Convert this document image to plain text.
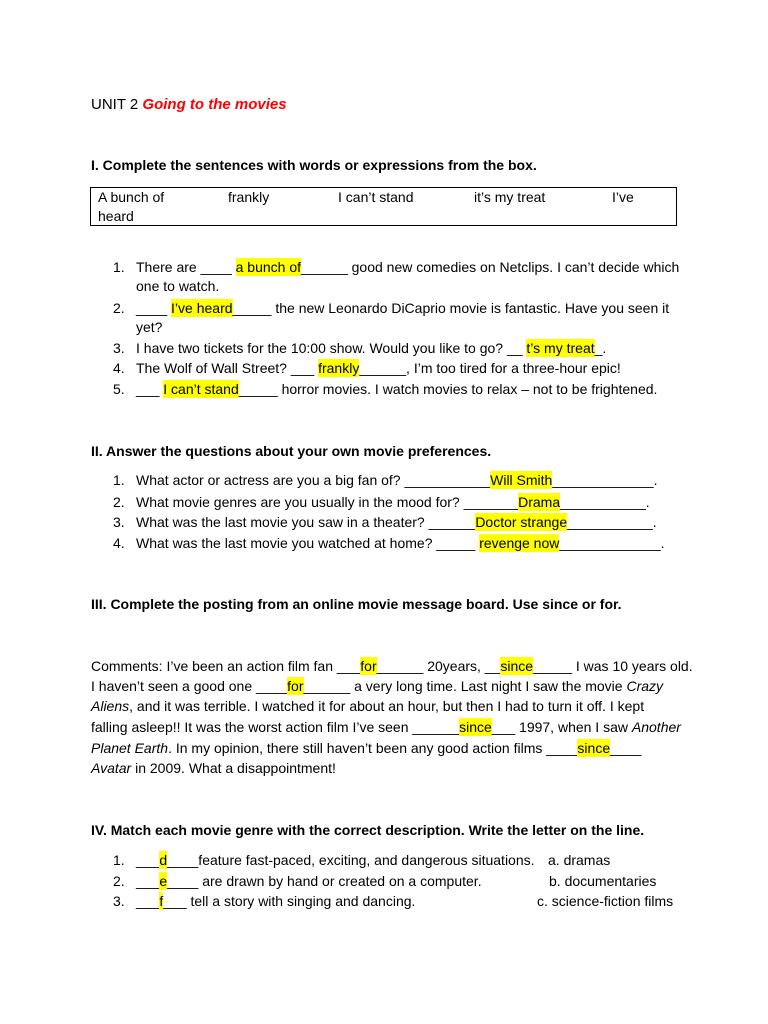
UNIT 2 Going to the movies
I. Complete the sentences with words or expressions from the box.
A bunch of	frankly	I can’t stand	it’s my treat	I’ve
heard
1. There are ____ a bunch of______ good new comedies on Netclips. I can’t decide which
one to watch.
2. ____ I’ve heard_____ the new Leonardo DiCaprio movie is fantastic. Have you seen it
yet?
3. I have two tickets for the 10:00 show. Would you like to go? __ t’s my treat_.
4. The Wolf of Wall Street? ___ frankly______, I’m too tired for a three-hour epic!
5. ___ I can’t stand_____ horror movies. I watch movies to relax – not to be frightened.
II. Answer the questions about your own movie preferences.
1. What actor or actress are you a big fan of? ___________Will Smith_____________.
2. What movie genres are you usually in the mood for? _______Drama___________.
3. What was the last movie you saw in a theater? ______Doctor strange___________.
4. What was the last movie you watched at home? _____ revenge now_____________.
III. Complete the posting from an online movie message board. Use since or for.
Comments: I’ve been an action film fan ___for______ 20years, __since_____ I was 10 years old.
I haven’t seen a good one ____for______ a very long time. Last night I saw the movie Crazy
Aliens, and it was terrible. I watched it for about an hour, but then I had to turn it off. I kept
falling asleep!! It was the worst action film I’ve seen ______since___ 1997, when I saw Another
Planet Earth. In my opinion, there still haven’t been any good action films ____since____
Avatar in 2009. What a disappointment!
IV. Match each movie genre with the correct description. Write the letter on the line.
1. ___d____feature fast-paced, exciting, and dangerous situations. a. dramas
2. ___e____ are drawn by hand or created on a computer.	b. documentaries
3. ___f___ tell a story with singing and dancing.	c. science-fiction films
